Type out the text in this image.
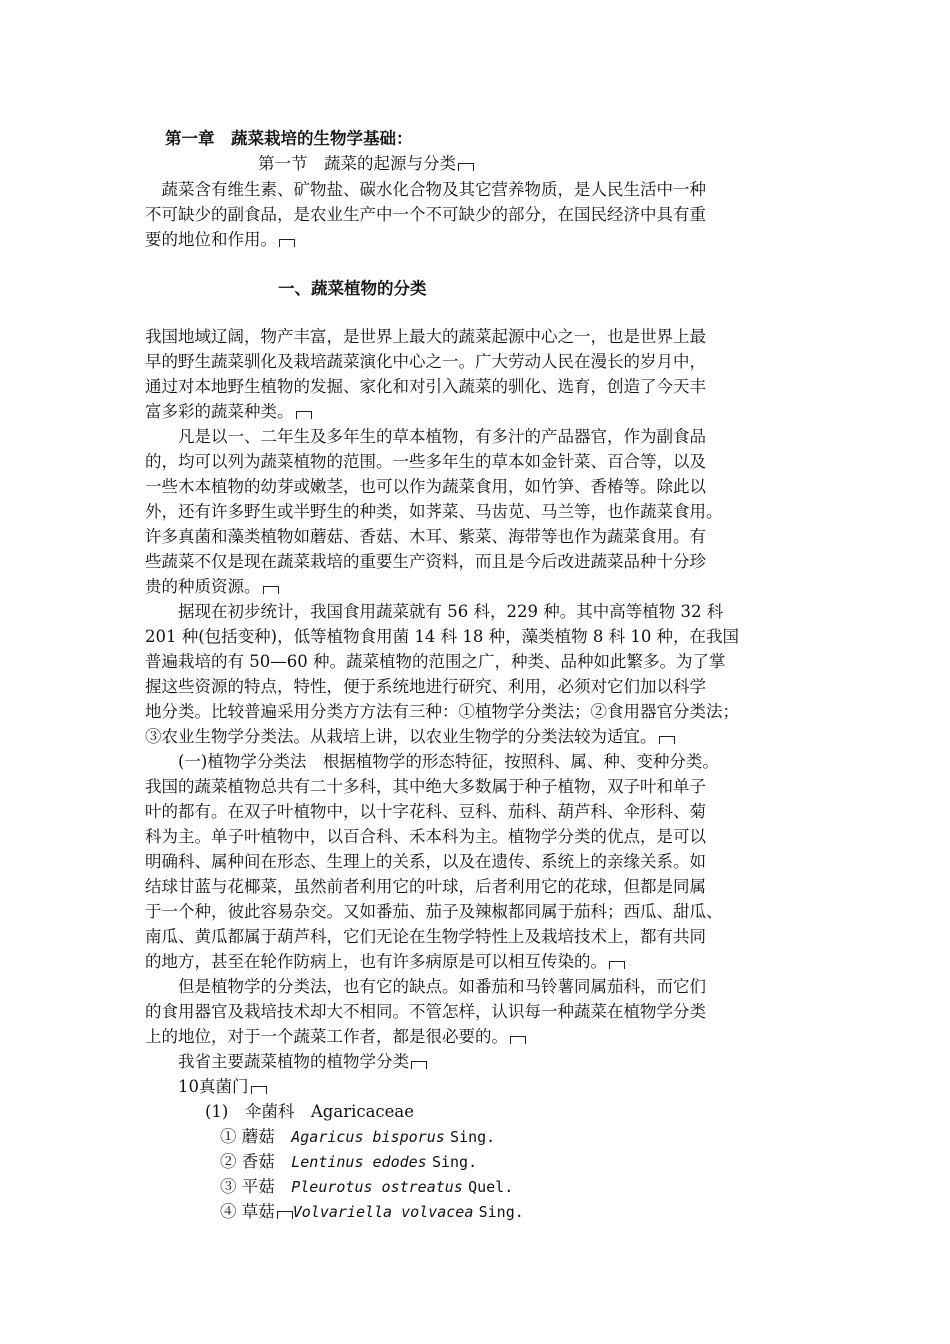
第一章　蔬菜栽培的生物学基础：
第一节　蔬菜的起源与分类
　蔬菜含有维生素、矿物盐、碳水化合物及其它营养物质，是人民生活中一种
不可缺少的副食品，是农业生产中一个不可缺少的部分，在国民经济中具有重
要的地位和作用。
一、蔬菜植物的分类
我国地域辽阔，物产丰富，是世界上最大的蔬菜起源中心之一，也是世界上最
早的野生蔬菜驯化及栽培蔬菜演化中心之一。广大劳动人民在漫长的岁月中，
通过对本地野生植物的发掘、家化和对引入蔬菜的驯化、选育，创造了今天丰
富多彩的蔬菜种类。
　　凡是以一、二年生及多年生的草本植物，有多汁的产品器官，作为副食品
的，均可以列为蔬菜植物的范围。一些多年生的草本如金针菜、百合等，以及
一些木本植物的幼芽或嫩茎，也可以作为蔬菜食用，如竹笋、香椿等。除此以
外，还有许多野生或半野生的种类，如荠菜、马齿苋、马兰等，也作蔬菜食用。
许多真菌和藻类植物如蘑菇、香菇、木耳、紫菜、海带等也作为蔬菜食用。有
些蔬菜不仅是现在蔬菜栽培的重要生产资料，而且是今后改进蔬菜品种十分珍
贵的种质资源。
　　据现在初步统计，我国食用蔬菜就有 56 科，229 种。其中高等植物 32 科
201 种(包括变种)，低等植物食用菌 14 科 18 种，藻类植物 8 科 10 种，在我国
普遍栽培的有 50—60 种。蔬菜植物的范围之广，种类、品种如此繁多。为了掌
握这些资源的特点，特性，便于系统地进行研究、利用，必须对它们加以科学
地分类。比较普遍采用分类方方法有三种：①植物学分类法；②食用器官分类法；
③农业生物学分类法。从栽培上讲，以农业生物学的分类法较为适宜。
　　(一)植物学分类法　根据植物学的形态特征，按照科、属、种、变种分类。
我国的蔬菜植物总共有二十多科，其中绝大多数属于种子植物，双子叶和单子
叶的都有。在双子叶植物中，以十字花科、豆科、茄科、葫芦科、伞形科、菊
科为主。单子叶植物中，以百合科、禾本科为主。植物学分类的优点，是可以
明确科、属种间在形态、生理上的关系，以及在遗传、系统上的亲缘关系。如
结球甘蓝与花椰菜，虽然前者利用它的叶球，后者利用它的花球，但都是同属
于一个种，彼此容易杂交。又如番茄、茄子及辣椒都同属于茄科；西瓜、甜瓜、
南瓜、黄瓜都属于葫芦科，它们无论在生物学特性上及栽培技术上，都有共同
的地方，甚至在轮作防病上，也有许多病原是可以相互传染的。
　　但是植物学的分类法，也有它的缺点。如番茄和马铃薯同属茄科，而它们
的食用器官及栽培技术却大不相同。不管怎样，认识每一种蔬菜在植物学分类
上的地位，对于一个蔬菜工作者，都是很必要的。
　　我省主要蔬菜植物的植物学分类
　　10真菌门
(1)　伞菌科　Agaricaceae
① 蘑菇　 Agaricus bisporus Sing.
② 香菇　 Lentinus edodes Sing.
③ 平菇　 Pleurotus ostreatus Quel.
④ 草菇 Volvariella volvacea Sing.
